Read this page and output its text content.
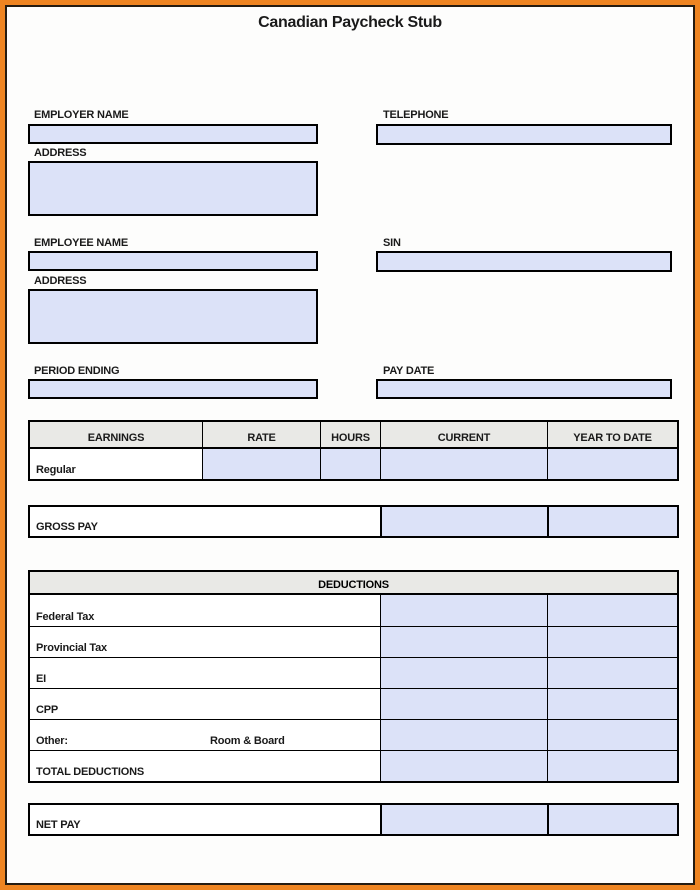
Canadian Paycheck Stub
EMPLOYER NAME
ADDRESS
TELEPHONE
EMPLOYEE NAME
ADDRESS
SIN
PERIOD ENDING	PAY DATE
EARNINGS	RATE	HOURS	CURRENT	YEAR TO DATE
Regular
GROSS PAY
DEDUCTIONS
Federal Tax
Provincial Tax
EI
CPP
Other:	Room & Board
TOTAL DEDUCTIONS
NET PAY
